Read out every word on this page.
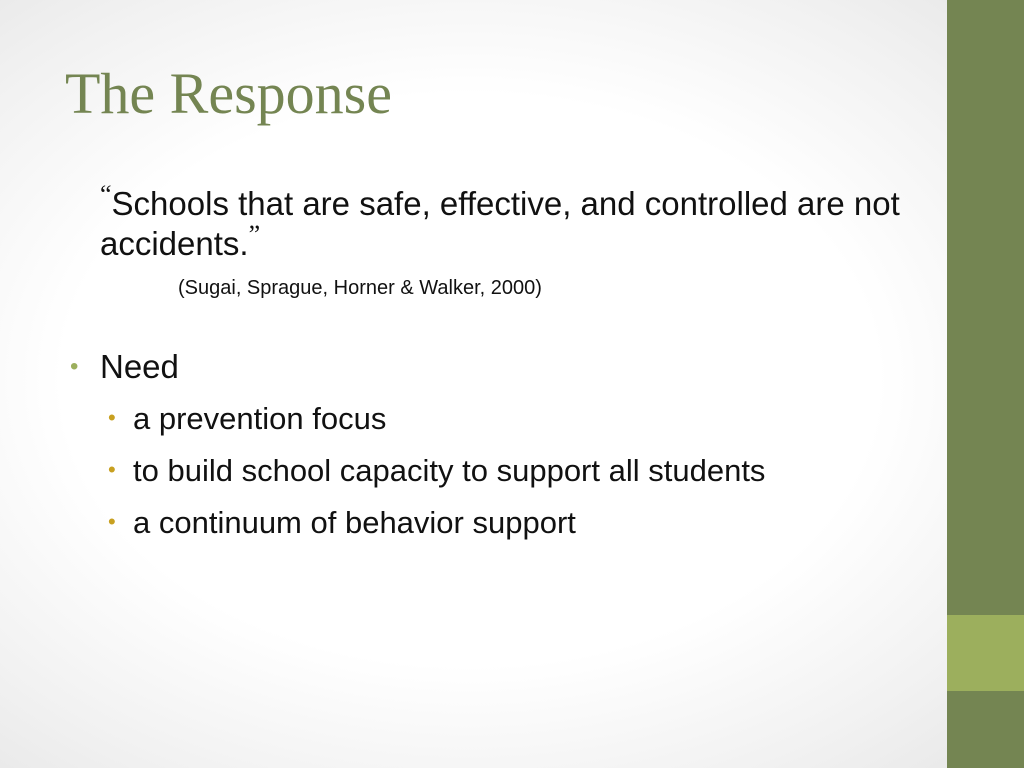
The Response
“Schools that are safe, effective, and controlled are not accidents.”
(Sugai, Sprague, Horner & Walker, 2000)
• Need
• a prevention focus
• to build school capacity to support all students
• a continuum of behavior support
